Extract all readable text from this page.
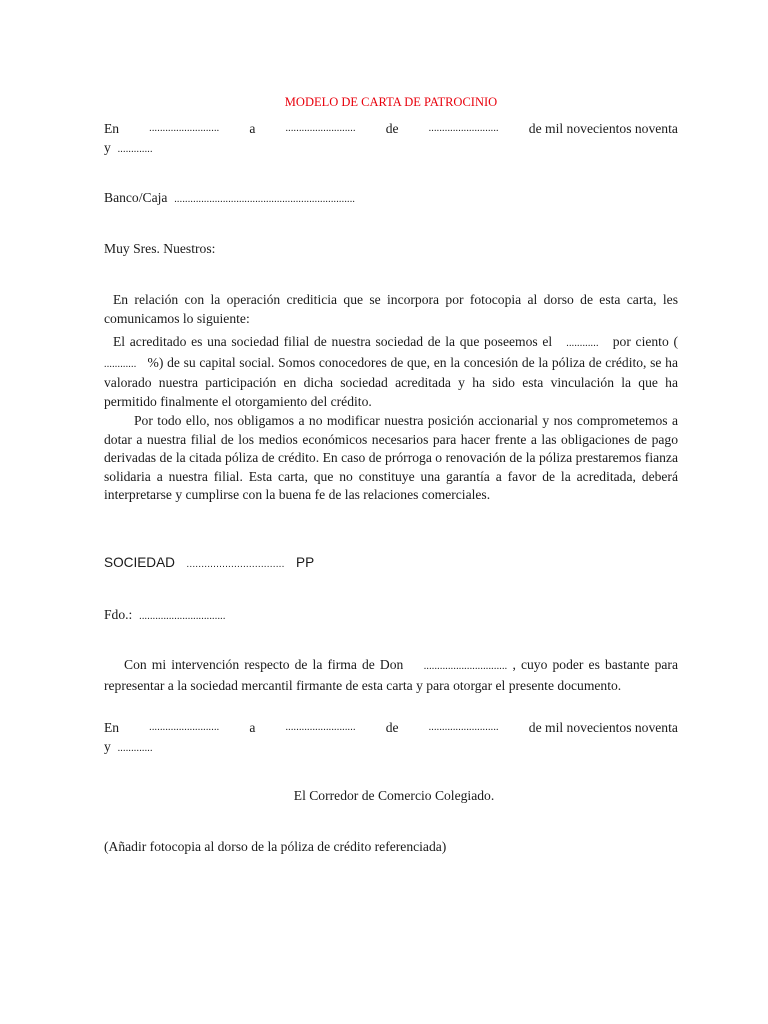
MODELO DE CARTA DE PATROCINIO
En	.......................... a	.......................... de	.......................... de mil novecientos noventa
y .............
Banco/Caja ...................................................................
Muy Sres. Nuestros:
En relación con la operación crediticia que se incorpora por fotocopia al dorso de esta carta, les comunicamos lo siguiente:
El acreditado es una sociedad filial de nuestra sociedad de la que poseemos el ............ por ciento ( ............ %) de su capital social. Somos conocedores de que, en la concesión de la póliza de crédito, se ha valorado nuestra participación en dicha sociedad acreditada y ha sido esta vinculación la que ha permitido finalmente el otorgamiento del crédito.
Por todo ello, nos obligamos a no modificar nuestra posición accionarial y nos comprometemos a dotar a nuestra filial de los medios económicos necesarios para hacer frente a las obligaciones de pago derivadas de la citada póliza de crédito. En caso de prórroga o renovación de la póliza prestaremos fianza solidaria a nuestra filial. Esta carta, que no constituye una garantía a favor de la acreditada, deberá interpretarse y cumplirse con la buena fe de las relaciones comerciales.
SOCIEDAD ................................. PP
Fdo.: ................................
Con mi intervención respecto de la firma de Don ............................... , cuyo poder es bastante para representar a la sociedad mercantil firmante de esta carta y para otorgar el presente documento.
En	.......................... a	.......................... de	.......................... de mil novecientos noventa
y .............
El Corredor de Comercio Colegiado.
(Añadir fotocopia al dorso de la póliza de crédito referenciada)
